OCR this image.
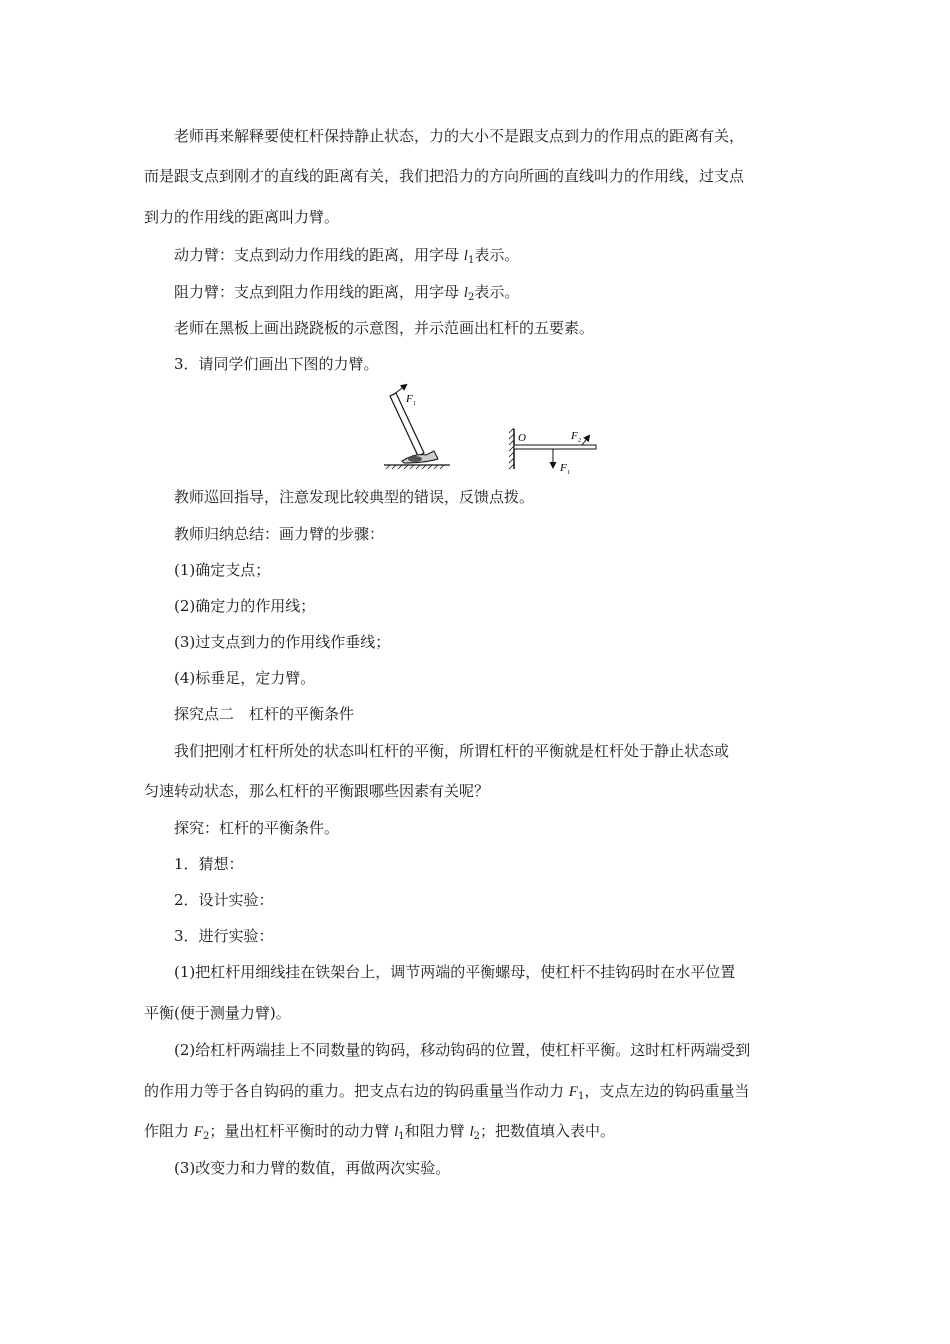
老师再来解释要使杠杆保持静止状态，力的大小不是跟支点到力的作用点的距离有关，
而是跟支点到刚才的直线的距离有关，我们把沿力的方向所画的直线叫力的作用线，过支点
到力的作用线的距离叫力臂。
动力臂：支点到动力作用线的距离，用字母 $l_1$表示。
阻力臂：支点到阻力作用线的距离，用字母 $l_2$表示。
老师在黑板上画出跷跷板的示意图，并示范画出杠杆的五要素。
3．请同学们画出下图的力臂。
F 1
O
F 1
F 2
教师巡回指导，注意发现比较典型的错误，反馈点拨。
教师归纳总结：画力臂的步骤：
(1)确定支点；
(2)确定力的作用线；
(3)过支点到力的作用线作垂线；
(4)标垂足，定力臂。
探究点二　杠杆的平衡条件
我们把刚才杠杆所处的状态叫杠杆的平衡，所谓杠杆的平衡就是杠杆处于静止状态或
匀速转动状态，那么杠杆的平衡跟哪些因素有关呢？
探究：杠杆的平衡条件。
1．猜想：
2．设计实验：
3．进行实验：
(1)把杠杆用细线挂在铁架台上，调节两端的平衡螺母，使杠杆不挂钩码时在水平位置
平衡(便于测量力臂)。
(2)给杠杆两端挂上不同数量的钩码，移动钩码的位置，使杠杆平衡。这时杠杆两端受到
的作用力等于各自钩码的重力。把支点右边的钩码重量当作动力 $F_1$，支点左边的钩码重量当
作阻力 $F_2$；量出杠杆平衡时的动力臂 $l_1$和阻力臂 $l_2$；把数值填入表中。
(3)改变力和力臂的数值，再做两次实验。
